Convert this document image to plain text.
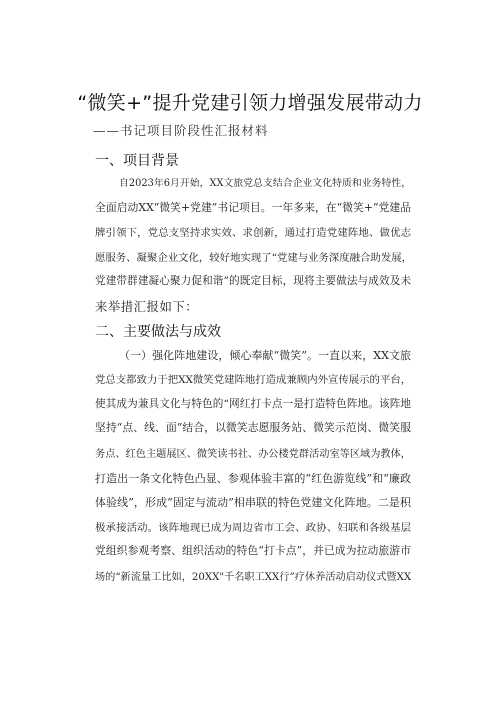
“微笑+”提升党建引领力增强发展带动力
——书记项目阶段性汇报材料
一、项目背景
自2023年6月开始，XX文旅党总支结合企业文化特质和业务特性，
全面启动XX“微笑+党建”书记项目。一年多来，在“微笑+”党建品
牌引领下，党总支坚持求实效、求创新，通过打造党建阵地、做优志
愿服务、凝聚企业文化，较好地实现了“党建与业务深度融合助发展，
党建带群建凝心聚力促和谐”的既定目标，现将主要做法与成效及未
来举措汇报如下：
二、主要做法与成效
（一）强化阵地建设，倾心奉献“微笑”。一直以来，XX文旅
党总支都致力于把XX微笑党建阵地打造成兼顾内外宣传展示的平台，
使其成为兼具文化与特色的“网红打卡点一是打造特色阵地。该阵地
坚持“点、线、面”结合，以微笑志愿服务站、微笑示范岗、微笑服
务点、红色主题展区、微笑读书社、办公楼党群活动室等区域为教体，
打造出一条文化特色凸显、参观体验丰富的“红色游览线”和“廉政
体验线”，形成“固定与流动”相串联的特色党建文化阵地。二是积
极承接活动。该阵地现已成为周边省市工会、政协、妇联和各级基层
党组织参观考察、组织活动的特色“打卡点”，并已成为拉动旅游市
场的“新流量工比如，20XX"千名职工XX行”疗休养活动启动仪式暨XX
